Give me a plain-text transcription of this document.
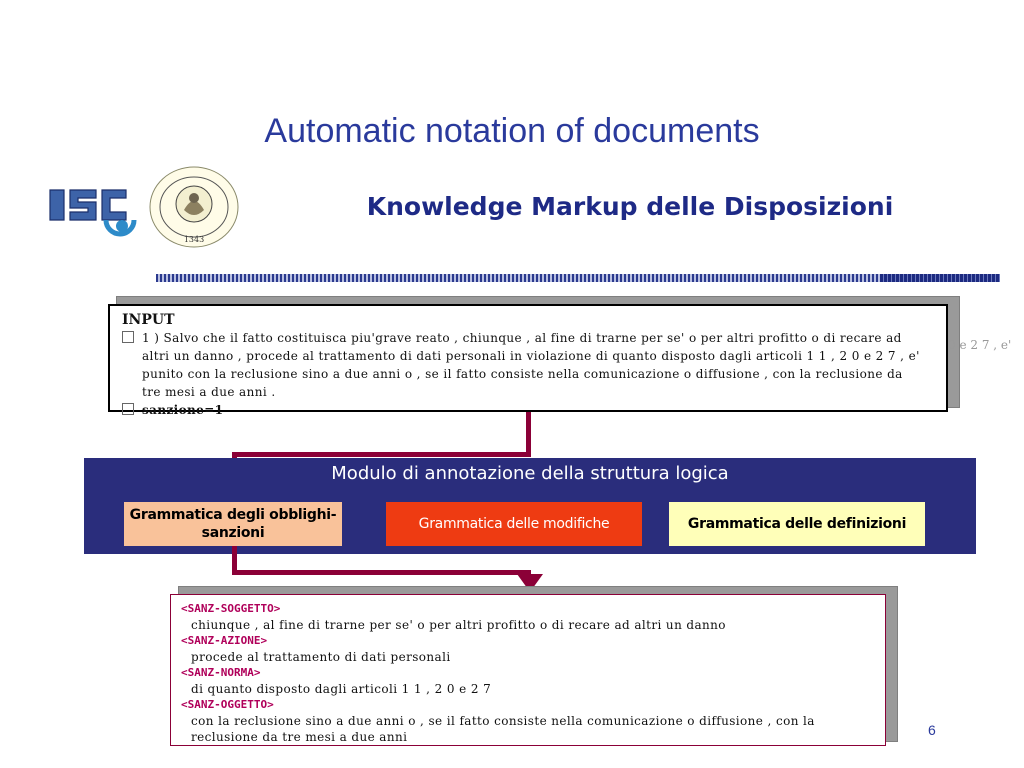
Automatic notation of documents
1343
Knowledge Markup delle Disposizioni
INPUT
1 ) Salvo che il fatto costituisca piu'grave reato , chiunque , al fine di trarne per se' o per altri profitto o di recare ad
altri un danno , procede al trattamento di dati personali in violazione di quanto disposto dagli articoli 1 1 , 2 0 e 2 7 , e'
punito con la reclusione sino a due anni o , se il fatto consiste nella comunicazione o diffusione , con la reclusione da
tre mesi a due anni .
sanzione=1
0 e 2 7 , e'
Modulo di annotazione della struttura logica
Grammatica degli obblighi-sanzioni
Grammatica delle modifiche	Grammatica delle definizioni
<SANZ-SOGGETTO>
chiunque , al fine di trarne per se' o per altri profitto o di recare ad altri un danno
<SANZ-AZIONE>
procede al trattamento di dati personali
<SANZ-NORMA>
di quanto disposto dagli articoli 1 1 , 2 0 e 2 7
<SANZ-OGGETTO>
con la reclusione sino a due anni o , se il fatto consiste nella comunicazione o diffusione , con la reclusione da tre mesi a due anni	6
